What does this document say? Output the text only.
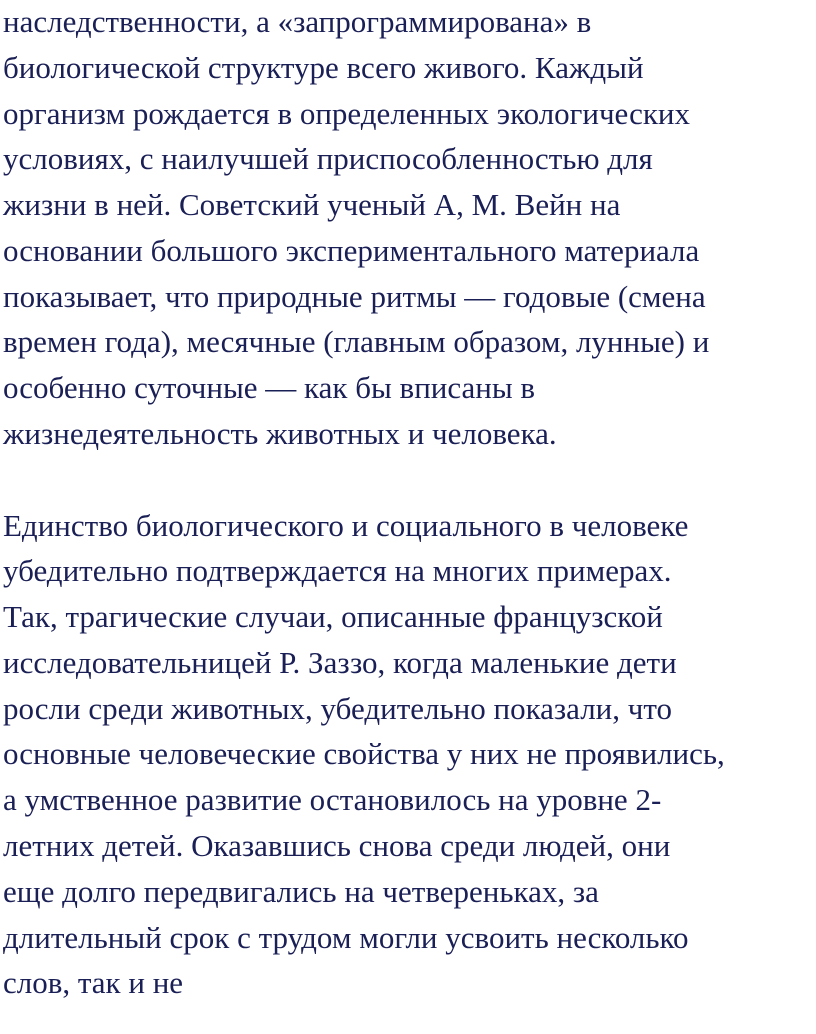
наследственности, а «запрограммирована» в

биологической структуре всего живого. Каждый

организм рождается в определенных экологических

условиях, с наилучшей приспособленностью для

жизни в ней. Советский ученый А, М. Вейн на

основании большого экспериментального материала

показывает, что природные ритмы — годовые (смена

времен года), месячные (главным образом, лунные) и

особенно суточные — как бы вписаны в

жизнедеятельность животных и человека.

Единство биологического и социального в человеке

убедительно подтверждается на многих примерах.

Так, трагические случаи, описанные французской

исследовательницей Р. Заззо, когда маленькие дети

росли среди животных, убедительно показали, что

основные человеческие свойства у них не проявились,

а умственное развитие остановилось на уровне 2-

летних детей. Оказавшись снова среди людей, они

еще долго передвигались на четвереньках, за

длительный срок с трудом могли усвоить несколько

слов, так и не
